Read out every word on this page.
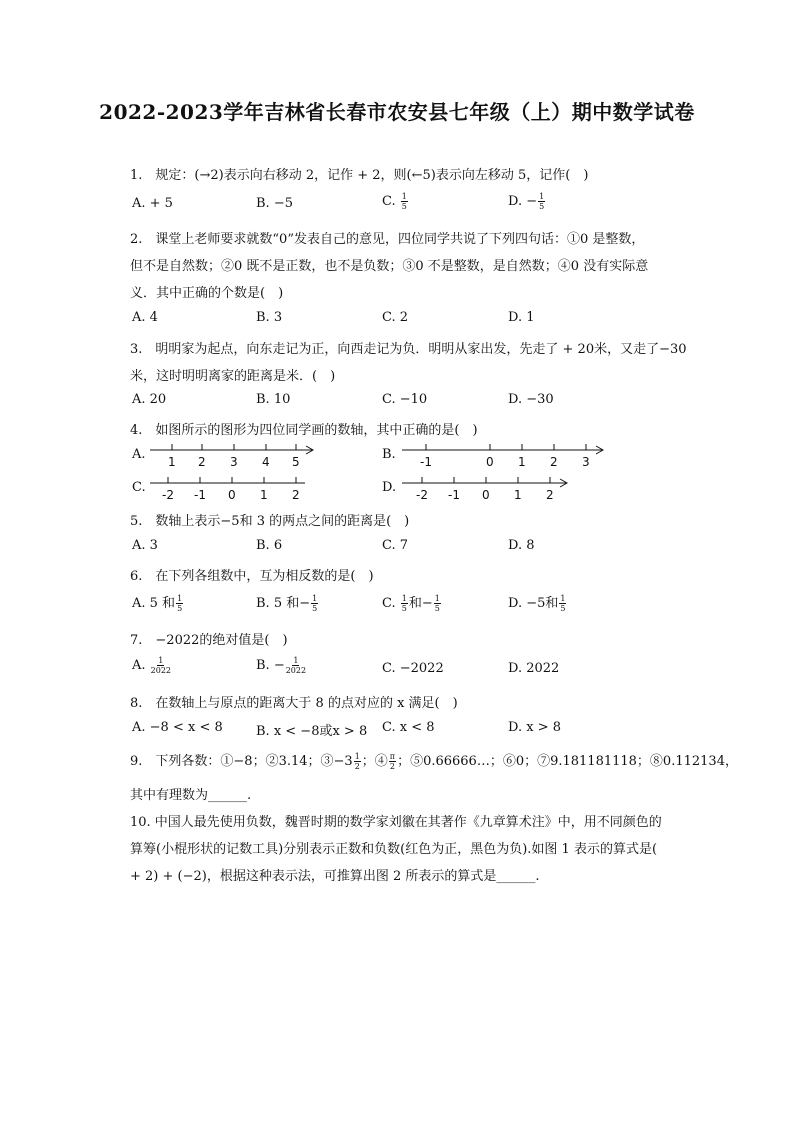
2022-2023学年吉林省长春市农安县七年级（上）期中数学试卷
1.　规定：(→2)表示向右移动 2，记作 + 2，则(←5)表示向左移动 5，记作(　)
A. + 5	B. −5	C. $\frac{1}{5}$	D. − $\frac{1}{5}$
2.　课堂上老师要求就数“0”发表自己的意见，四位同学共说了下列四句话：①0 是整数，
但不是自然数；②0 既不是正数，也不是负数；③0 不是整数，是自然数；④0 没有实际意
义．其中正确的个数是(　)
A. 4	B. 3	C. 2	D. 1
3.　明明家为起点，向东走记为正，向西走记为负．明明从家出发，先走了 + 20米，又走了−30
米，这时明明离家的距离是米．(　)
A. 20	B. 10	C. −10	D. −30
4.　如图所示的图形为四位同学画的数轴，其中正确的是(　)
A. 1 2 3 4 5	B. -1	0 1 2 3
C. -2 -1 0 1 2	D. -2 -1 0 1 2
5.　数轴上表示−5和 3 的两点之间的距离是(　)
A. 3	B. 6	C. 7	D. 8
6.　在下列各组数中，互为相反数的是(　)
A. 5 和 $\frac{1}{5}$	B. 5 和− $\frac{1}{5}$	C. $\frac{1}{5}$ 和− $\frac{1}{5}$	D. −5和 $\frac{1}{5}$
7.　−2022的绝对值是(　)
A. $\frac{1}{2022}$	B. − $\frac{1}{2022}$	C. −2022	D. 2022
8.　在数轴上与原点的距离大于 8 的点对应的 x 满足(　)
A. −8 < x < 8	B. x < −8或x > 8 C. x < 8	D. x > 8
9.　下列各数：①−8；②3.14；③−3 $\frac{1}{2}$ ；④ $\frac{\pi}{2}$ ；⑤0.66666…；⑥0；⑦9.181181118；⑧0.112134，
其中有理数为______.
10. 中国人最先使用负数，魏晋时期的数学家刘徽在其著作《九章算术注》中，用不同颜色的
算筹(小棍形状的记数工具)分别表示正数和负数(红色为正，黑色为负).如图 1 表示的算式是(
+ 2) + (−2)，根据这种表示法，可推算出图 2 所表示的算式是______.
